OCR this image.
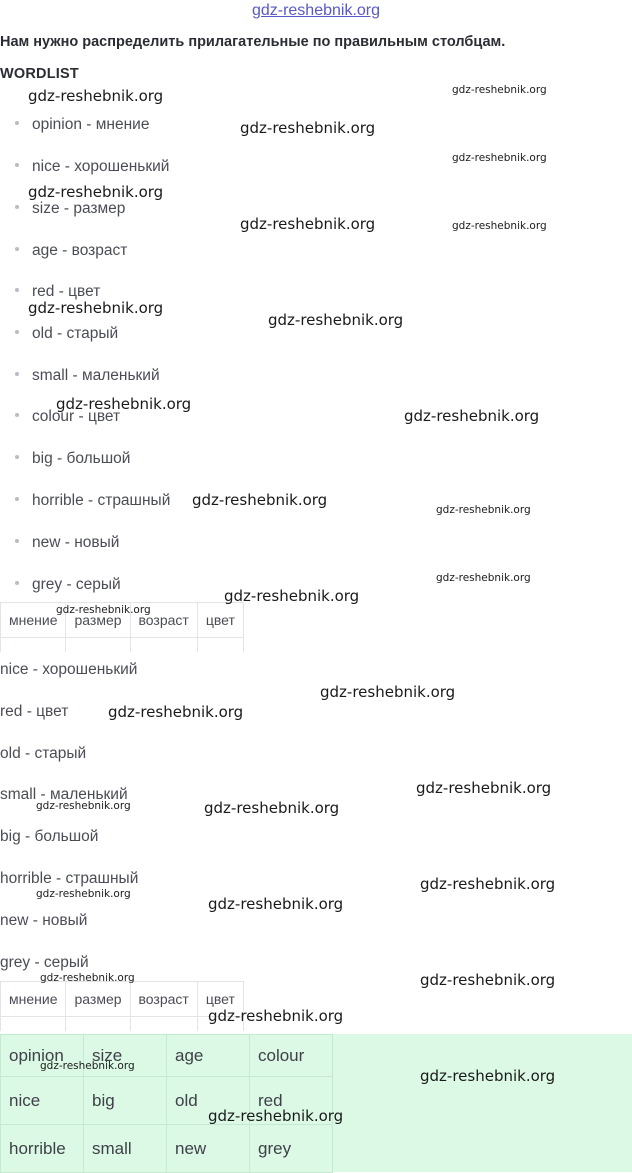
gdz-reshebnik.org
Нам нужно распределить прилагательные по правильным столбцам.
WORDLIST
opinion - мнение
nice - хорошенький
size - размер
age - возраст
red - цвет
old - старый
small - маленький
colour - цвет
big - большой
horrible - страшный
new - новый
grey - серый
мнение	размер	возраст	цвет

nice - хорошенький
red - цвет
old - старый
small - маленький
big - большой
horrible - страшный
new - новый
grey - серый
мнение	размер	возраст	цвет

opinion	size	age	colour
nice	big	old	red
horrible	small	new	grey
gdz-reshebnik.org	gdz-reshebnik.org
gdz-reshebnik.org
gdz-reshebnik.org
gdz-reshebnik.org
gdz-reshebnik.org	gdz-reshebnik.org
gdz-reshebnik.org
gdz-reshebnik.org
gdz-reshebnik.org
gdz-reshebnik.org
gdz-reshebnik.org
gdz-reshebnik.org
gdz-reshebnik.org
gdz-reshebnik.org
gdz-reshebnik.org
gdz-reshebnik.org
gdz-reshebnik.org
gdz-reshebnik.org
gdz-reshebnik.org	gdz-reshebnik.org
gdz-reshebnik.org
gdz-reshebnik.org
gdz-reshebnik.org
gdz-reshebnik.org
gdz-reshebnik.org
gdz-reshebnik.org
gdz-reshebnik.org
gdz-reshebnik.org
gdz-reshebnik.org
